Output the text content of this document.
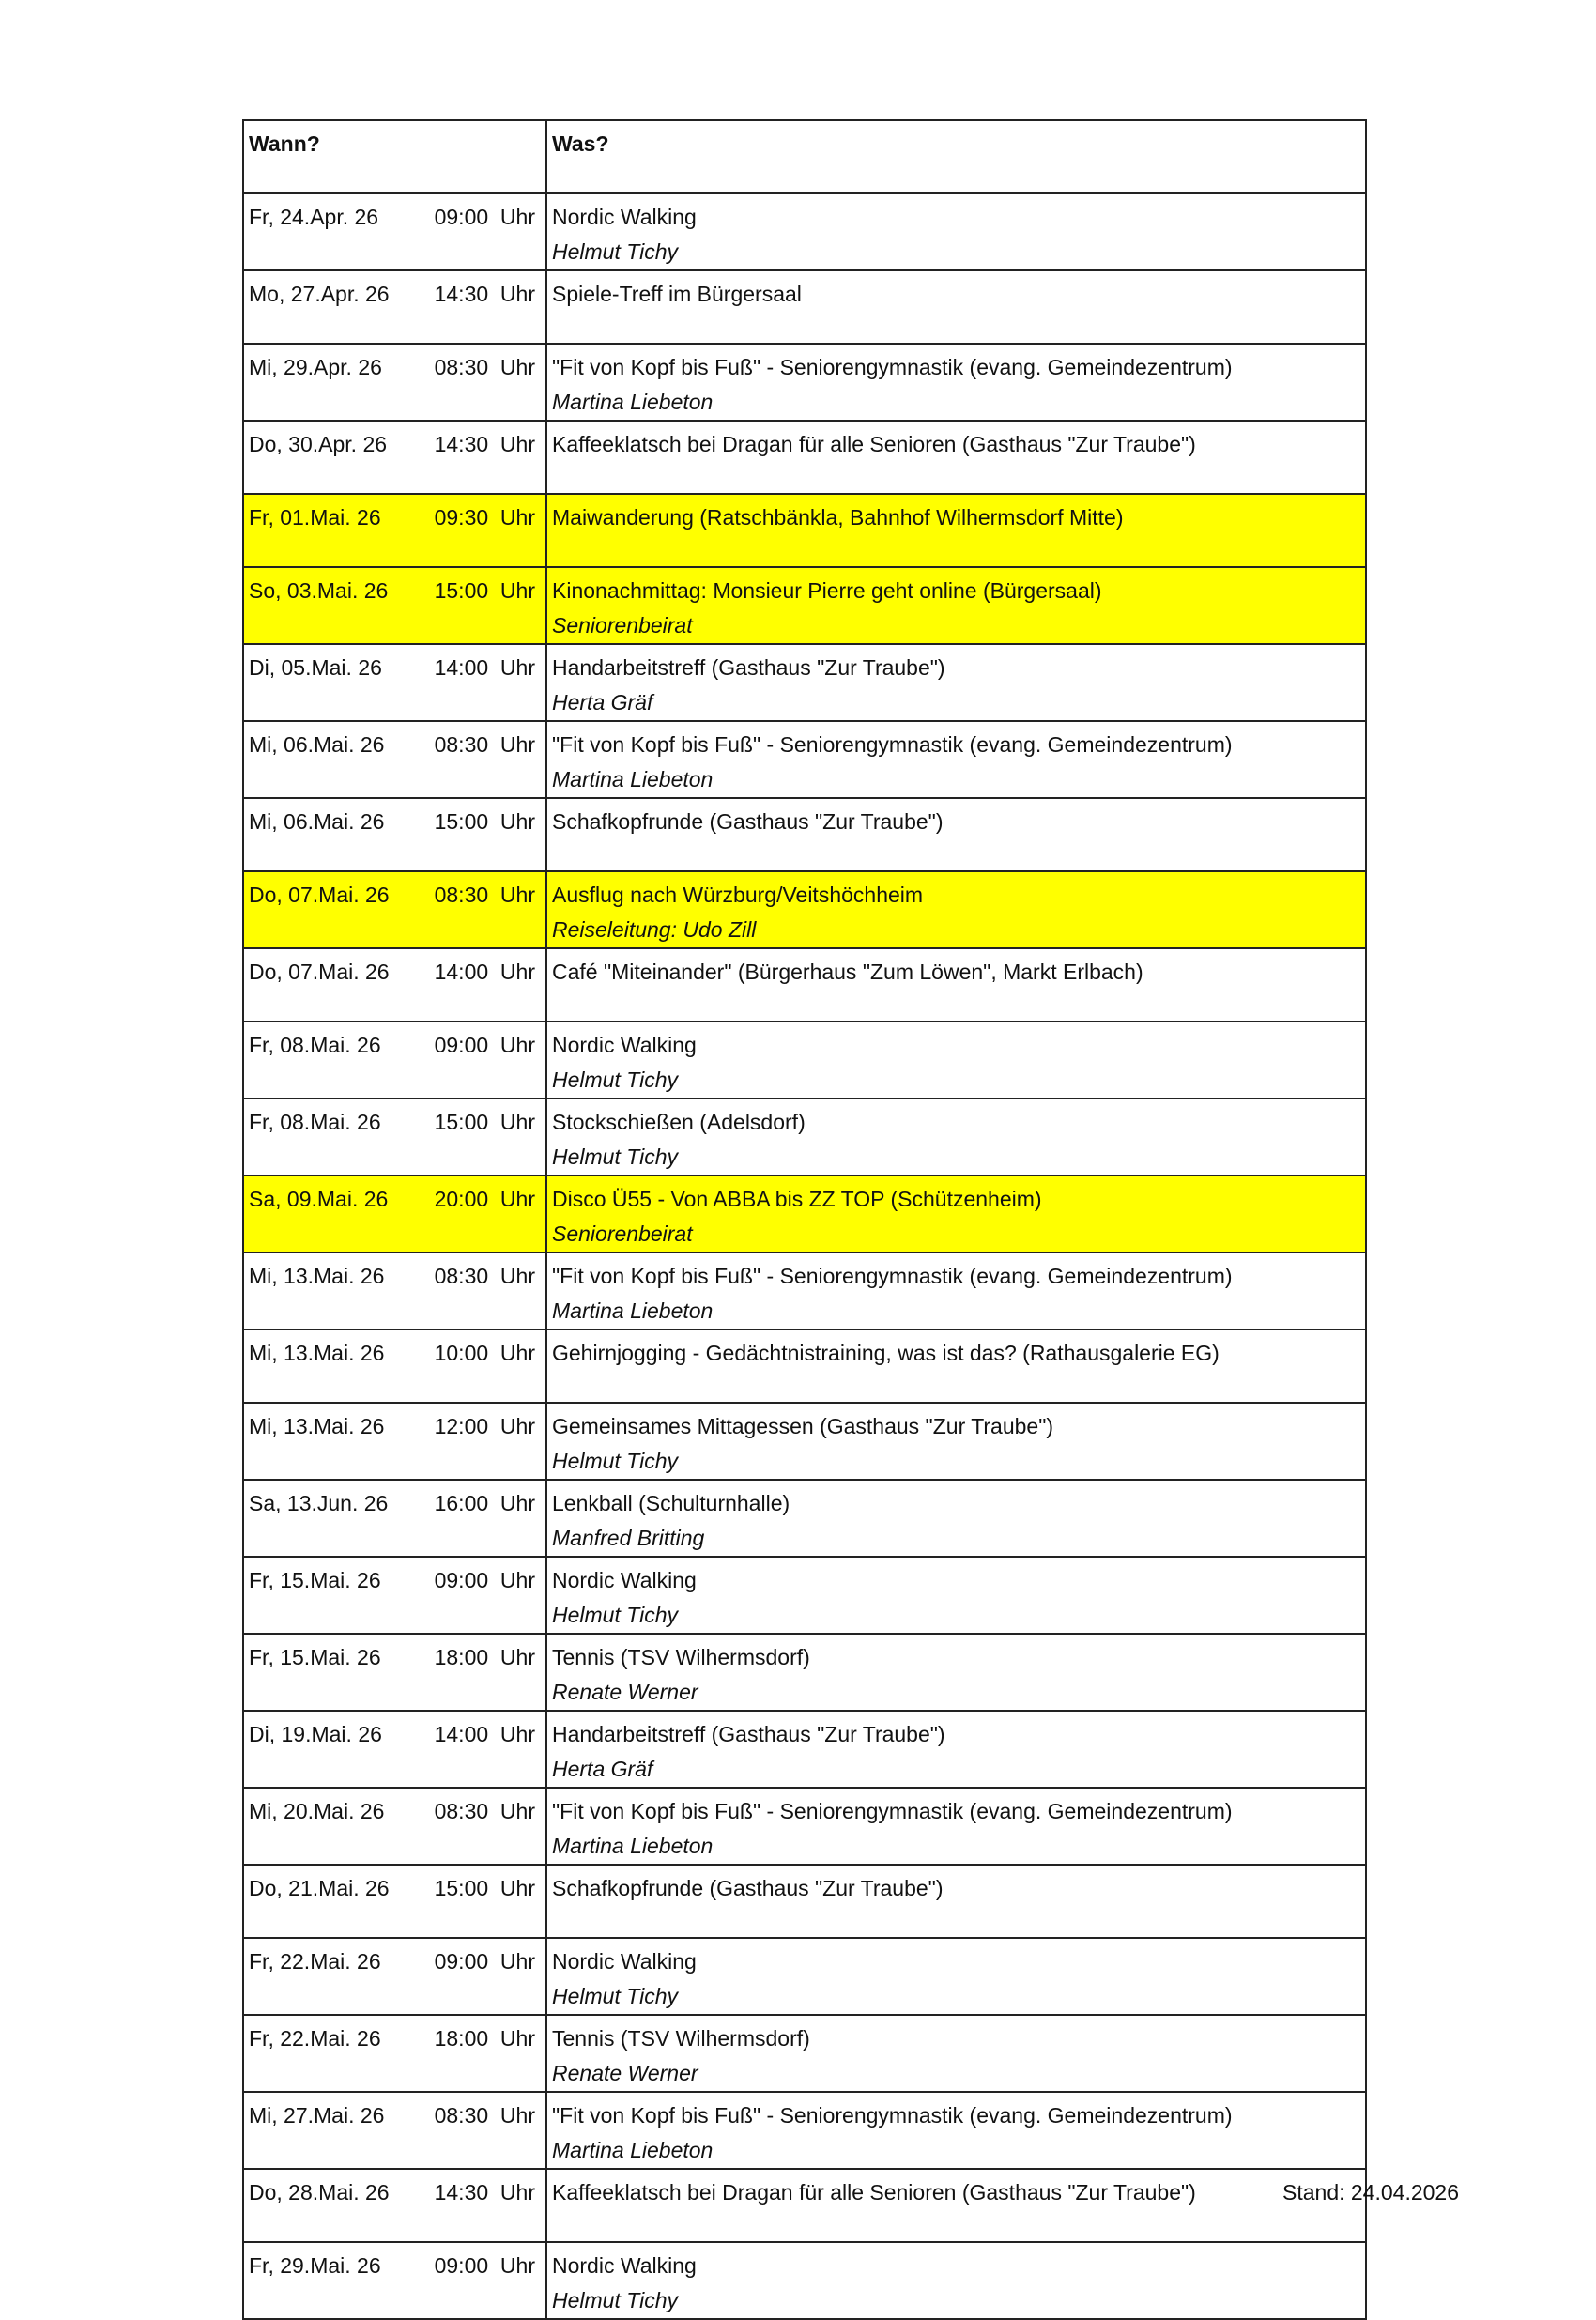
Wann?	Was?

Fr, 24.Apr. 26 09:00  Uhr	Nordic Walking
Helmut Tichy

Mo, 27.Apr. 26 14:30  Uhr	Spiele-Treff im Bürgersaal

Mi, 29.Apr. 26 08:30  Uhr	"Fit von Kopf bis Fuß" - Seniorengymnastik (evang. Gemeindezentrum)
Martina Liebeton

Do, 30.Apr. 26 14:30  Uhr	Kaffeeklatsch bei Dragan für alle Senioren (Gasthaus "Zur Traube")

Fr, 01.Mai. 26 09:30  Uhr	Maiwanderung (Ratschbänkla, Bahnhof Wilhermsdorf Mitte)

So, 03.Mai. 26 15:00  Uhr	Kinonachmittag: Monsieur Pierre geht online (Bürgersaal)
Seniorenbeirat

Di, 05.Mai. 26 14:00  Uhr	Handarbeitstreff (Gasthaus "Zur Traube")
Herta Gräf

Mi, 06.Mai. 26 08:30  Uhr	"Fit von Kopf bis Fuß" - Seniorengymnastik (evang. Gemeindezentrum)
Martina Liebeton

Mi, 06.Mai. 26 15:00  Uhr	Schafkopfrunde (Gasthaus "Zur Traube")

Do, 07.Mai. 26 08:30  Uhr	Ausflug nach Würzburg/Veitshöchheim
Reiseleitung: Udo Zill

Do, 07.Mai. 26 14:00  Uhr	Café "Miteinander" (Bürgerhaus "Zum Löwen", Markt Erlbach)

Fr, 08.Mai. 26 09:00  Uhr	Nordic Walking
Helmut Tichy

Fr, 08.Mai. 26 15:00  Uhr	Stockschießen (Adelsdorf)
Helmut Tichy

Sa, 09.Mai. 26 20:00  Uhr	Disco Ü55 - Von ABBA bis ZZ TOP (Schützenheim)
Seniorenbeirat

Mi, 13.Mai. 26 08:30  Uhr	"Fit von Kopf bis Fuß" - Seniorengymnastik (evang. Gemeindezentrum)
Martina Liebeton

Mi, 13.Mai. 26 10:00  Uhr	Gehirnjogging - Gedächtnistraining, was ist das? (Rathausgalerie EG)

Mi, 13.Mai. 26 12:00  Uhr	Gemeinsames Mittagessen (Gasthaus "Zur Traube")
Helmut Tichy

Sa, 13.Jun. 26 16:00  Uhr	Lenkball (Schulturnhalle)
Manfred Britting

Fr, 15.Mai. 26 09:00  Uhr	Nordic Walking
Helmut Tichy

Fr, 15.Mai. 26 18:00  Uhr	Tennis (TSV Wilhermsdorf)
Renate Werner

Di, 19.Mai. 26 14:00  Uhr	Handarbeitstreff (Gasthaus "Zur Traube")
Herta Gräf

Mi, 20.Mai. 26 08:30  Uhr	"Fit von Kopf bis Fuß" - Seniorengymnastik (evang. Gemeindezentrum)
Martina Liebeton

Do, 21.Mai. 26 15:00  Uhr	Schafkopfrunde (Gasthaus "Zur Traube")

Fr, 22.Mai. 26 09:00  Uhr	Nordic Walking
Helmut Tichy

Fr, 22.Mai. 26 18:00  Uhr	Tennis (TSV Wilhermsdorf)
Renate Werner

Mi, 27.Mai. 26 08:30  Uhr	"Fit von Kopf bis Fuß" - Seniorengymnastik (evang. Gemeindezentrum)
Martina Liebeton

Do, 28.Mai. 26 14:30  Uhr	Kaffeeklatsch bei Dragan für alle Senioren (Gasthaus "Zur Traube")

Fr, 29.Mai. 26 09:00  Uhr	Nordic Walking
Helmut Tichy
Stand: 24.04.2026
